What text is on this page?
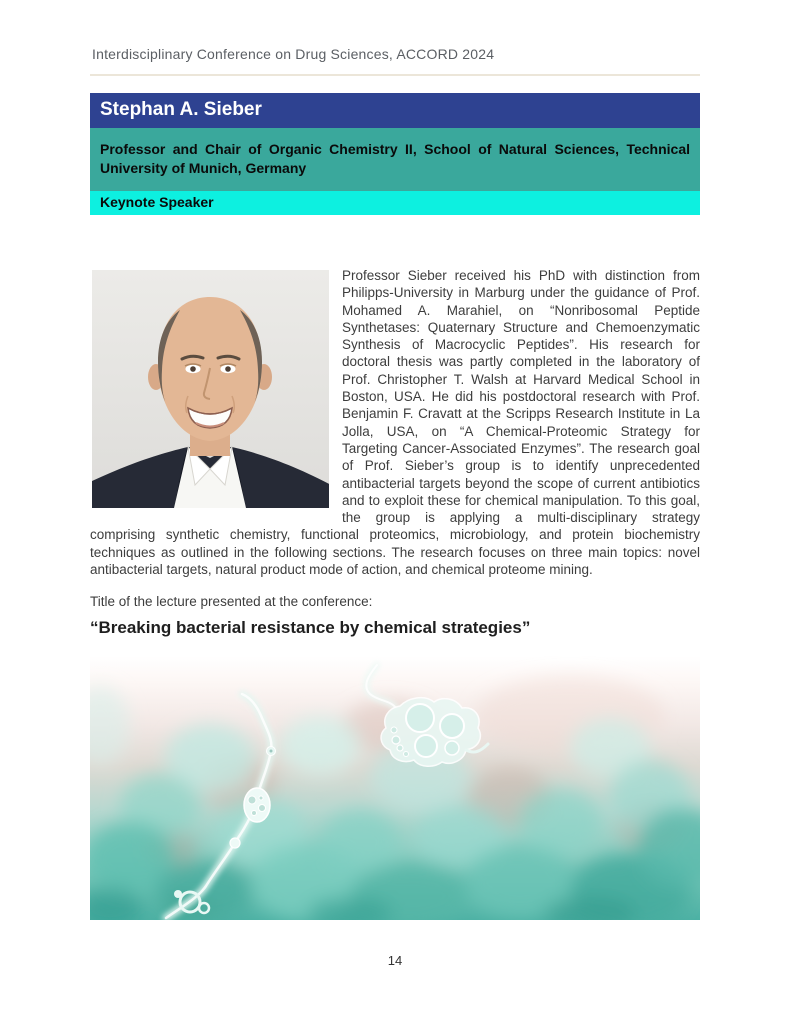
Interdisciplinary Conference on Drug Sciences, ACCORD 2024

Stephan A. Sieber
Professor and Chair of Organic Chemistry II, School of Natural Sciences, Technical University of Munich, Germany
Keynote Speaker

Professor Sieber received his PhD with distinction from Philipps-University in Marburg under the guidance of Prof. Mohamed A. Marahiel, on “Nonribosomal Peptide Synthetases: Quaternary Structure and Chemoenzymatic Synthesis of Macrocyclic Peptides”. His research for doctoral thesis was partly completed in the laboratory of Prof. Christopher T. Walsh at Harvard Medical School in Boston, USA. He did his postdoctoral research with Prof. Benjamin F. Cravatt at the Scripps Research Institute in La Jolla, USA, on “A Chemical-Proteomic Strategy for Targeting Cancer-Associated Enzymes”. The research goal of Prof. Sieber’s group is to identify unprecedented antibacterial targets beyond the scope of current antibiotics and to exploit these for chemical manipulation. To this goal, the group is applying a multi-disciplinary strategy comprising synthetic chemistry, functional proteomics, microbiology, and protein biochemistry techniques as outlined in the following sections. The research focuses on three main topics: novel antibacterial targets, natural product mode of action, and chemical proteome mining.

Title of the lecture presented at the conference:

“Breaking bacterial resistance by chemical strategies”

14
